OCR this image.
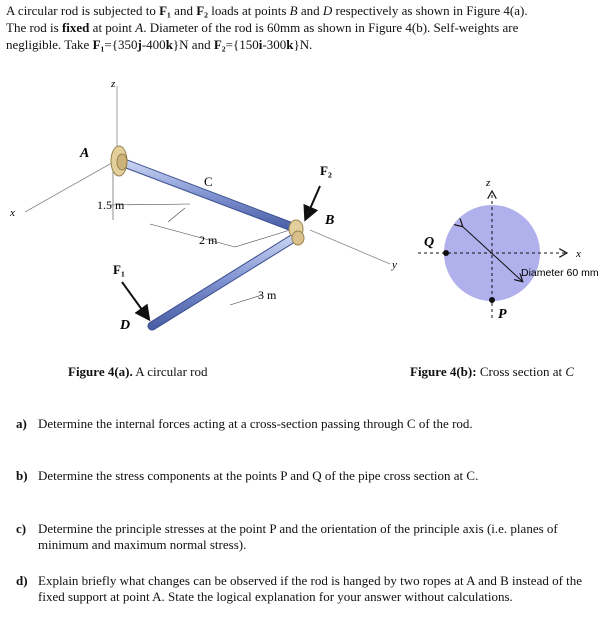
A circular rod is subjected to F₁ and F₂ loads at points B and D respectively as shown in Figure 4(a).
The rod is fixed at point A. Diameter of the rod is 60mm as shown in Figure 4(b). Self-weights are
negligible. Take F₁={350j-400k}N and F₂={150i-300k}N.
z
x
y
1.5 m
2 m
3 m
A
C
B
D
F₂
F₁
z
x
Q
P
Diameter 60 mm
Figure 4(a). A circular rod	Figure 4(b): Cross section at C
a) Determine the internal forces acting at a cross-section passing through C of the rod.
b) Determine the stress components at the points P and Q of the pipe cross section at C.
c) Determine the principle stresses at the point P and the orientation of the principle axis (i.e. planes of minimum and maximum normal stress).
d) Explain briefly what changes can be observed if the rod is hanged by two ropes at A and B instead of the fixed support at point A. State the logical explanation for your answer without calculations.
